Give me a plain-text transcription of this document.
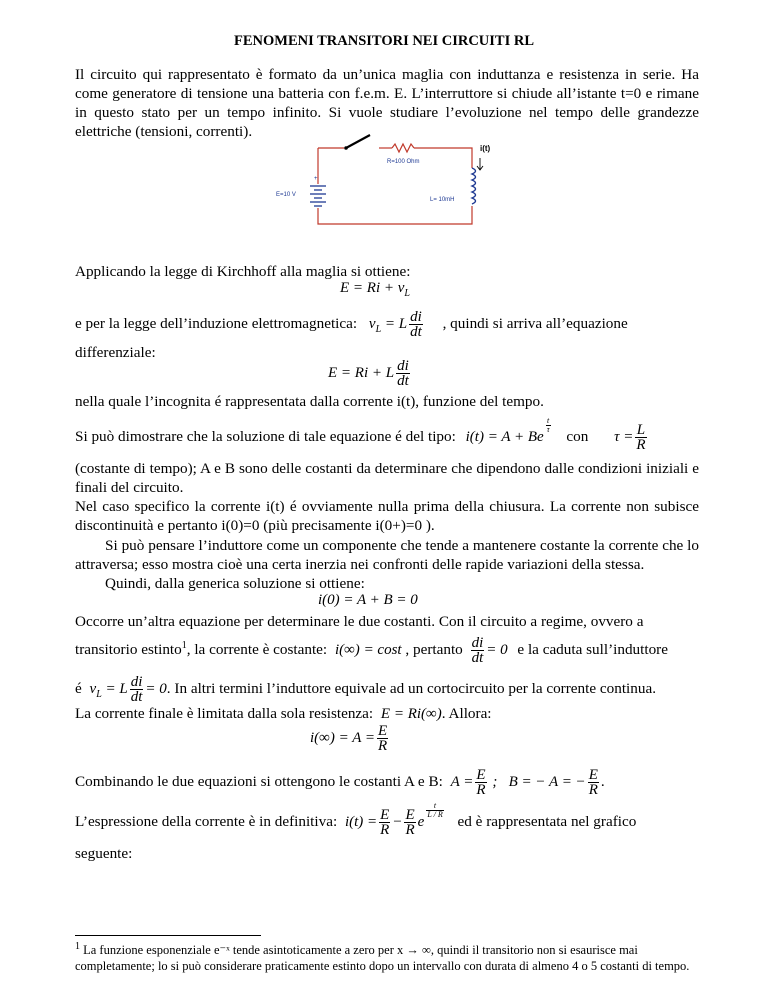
FENOMENI TRANSITORI NEI CIRCUITI RL
Il circuito qui rappresentato è formato da un’unica maglia con induttanza e resistenza in serie. Ha come generatore di tensione una batteria con f.e.m. E. L’interruttore si chiude all’istante t=0 e rimane in questo stato per un tempo infinito. Si vuole studiare l’evoluzione nel tempo delle grandezze elettriche (tensioni, correnti).
+
i(t)
R=100 Ohm
E=10 V
L= 10mH
Applicando la legge di Kirchhoff alla maglia si ottiene:
$E = Ri + v_L$
e per la legge dell’induzione elettromagnetica: $v_L = L \frac{di}{dt}$ , quindi si arriva all’equazione
differenziale:
E = Ri + L $\frac{di}{dt}$
nella quale l’incognita é rappresentata dalla corrente i(t), funzione del tempo.
Si può dimostrare che la soluzione di tale equazione é del tipo: i(t) = A + Be
$\frac{t}{\tau}$
con $\tau = \frac{L}{R}$
(costante di tempo); A e B sono delle costanti da determinare che dipendono dalle condizioni iniziali e finali del circuito.
Nel caso specifico la corrente i(t) é ovviamente nulla prima della chiusura. La corrente non subisce discontinuità e pertanto i(0)=0 (più precisamente i(0+)=0 ).
Si può pensare l’induttore come un componente che tende a mantenere costante la corrente che lo attraversa; esso mostra cioè una certa inerzia nei confronti delle rapide variazioni della stessa.
Quindi, dalla generica soluzione si ottiene:
i(0) = A + B = 0
Occorre un’altra equazione per determinare le due costanti. Con il circuito a regime, ovvero a
transitorio estinto$^1$, la corrente è costante: i(∞) = cost , pertanto $\frac{di}{dt} = 0$ e la caduta sull’induttore
é $v_L = L \frac{di}{dt} = 0$. In altri termini l’induttore equivale ad un cortocircuito per la corrente continua.
La corrente finale è limitata dalla sola resistenza: E = Ri(∞). Allora:
$i(\infty) = A = \frac{E}{R}$
Combinando le due equazioni si ottengono le costanti A e B: $A = \frac{E}{R}$ ;   B = − A = − $\frac{E}{R}$ .
L’espressione della corrente è in definitiva: $i(t) = \frac{E}{R} - \frac{E}{R}$ e
$\frac{t}{L / R}$
ed è rappresentata nel grafico
seguente:
$^1$ La funzione esponenziale e⁻ˣ tende asintoticamente a zero per x → ∞, quindi il transitorio non si esaurisce mai completamente; lo si può considerare praticamente estinto dopo un intervallo con durata di almeno 4 o 5 costanti di tempo.
